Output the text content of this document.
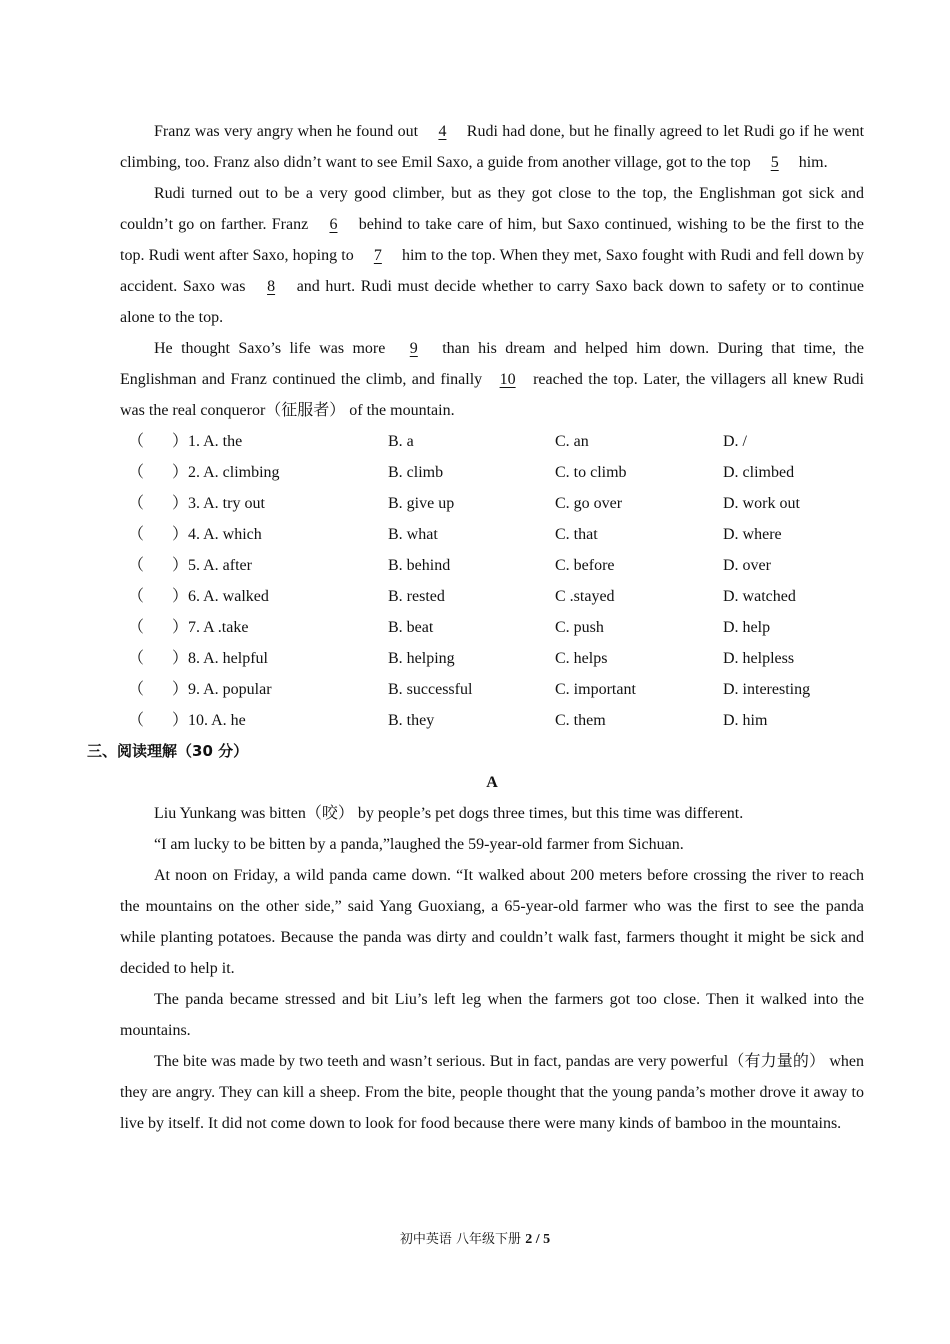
Franz was very angry when he found out 4 Rudi had done, but he finally agreed to let Rudi go if he went climbing, too. Franz also didn’t want to see Emil Saxo, a guide from another village, got to the top 5 him.

Rudi turned out to be a very good climber, but as they got close to the top, the Englishman got sick and couldn’t go on farther. Franz 6 behind to take care of him, but Saxo continued, wishing to be the first to the top. Rudi went after Saxo, hoping to 7 him to the top. When they met, Saxo fought with Rudi and fell down by accident. Saxo was 8 and hurt. Rudi must decide whether to carry Saxo back down to safety or to continue alone to the top.

He thought Saxo’s life was more 9 than his dream and helped him down. During that time, the Englishman and Franz continued the climb, and finally 10 reached the top. Later, the villagers all knew Rudi was the real conqueror（征服者） of the mountain.

（ ） 1. A. the	B. a	C. an	D. /
（ ） 2. A. climbing	B. climb	C. to climb	D. climbed
（ ） 3. A. try out	B. give up	C. go over	D. work out
（ ） 4. A. which	B. what	C. that	D. where
（ ） 5. A. after	B. behind	C. before	D. over
（ ） 6. A. walked	B. rested	C .stayed	D. watched
（ ） 7. A .take	B. beat	C. push	D. help
（ ） 8. A. helpful	B. helping	C. helps	D. helpless
（ ） 9. A. popular	B. successful	C. important	D. interesting
（ ） 10. A. he	B. they	C. them	D. him

三、阅读理解（30 分）

A

Liu Yunkang was bitten（咬） by people’s pet dogs three times, but this time was different.

“I am lucky to be bitten by a panda,”laughed the 59-year-old farmer from Sichuan.

At noon on Friday, a wild panda came down. “It walked about 200 meters before crossing the river to reach the mountains on the other side,” said Yang Guoxiang, a 65-year-old farmer who was the first to see the panda while planting potatoes. Because the panda was dirty and couldn’t walk fast, farmers thought it might be sick and decided to help it.

The panda became stressed and bit Liu’s left leg when the farmers got too close. Then it walked into the mountains.

The bite was made by two teeth and wasn’t serious. But in fact, pandas are very powerful（有力量的） when they are angry. They can kill a sheep. From the bite, people thought that the young panda’s mother drove it away to live by itself. It did not come down to look for food because there were many kinds of bamboo in the mountains.

初中英语 八年级下册 2 / 5
